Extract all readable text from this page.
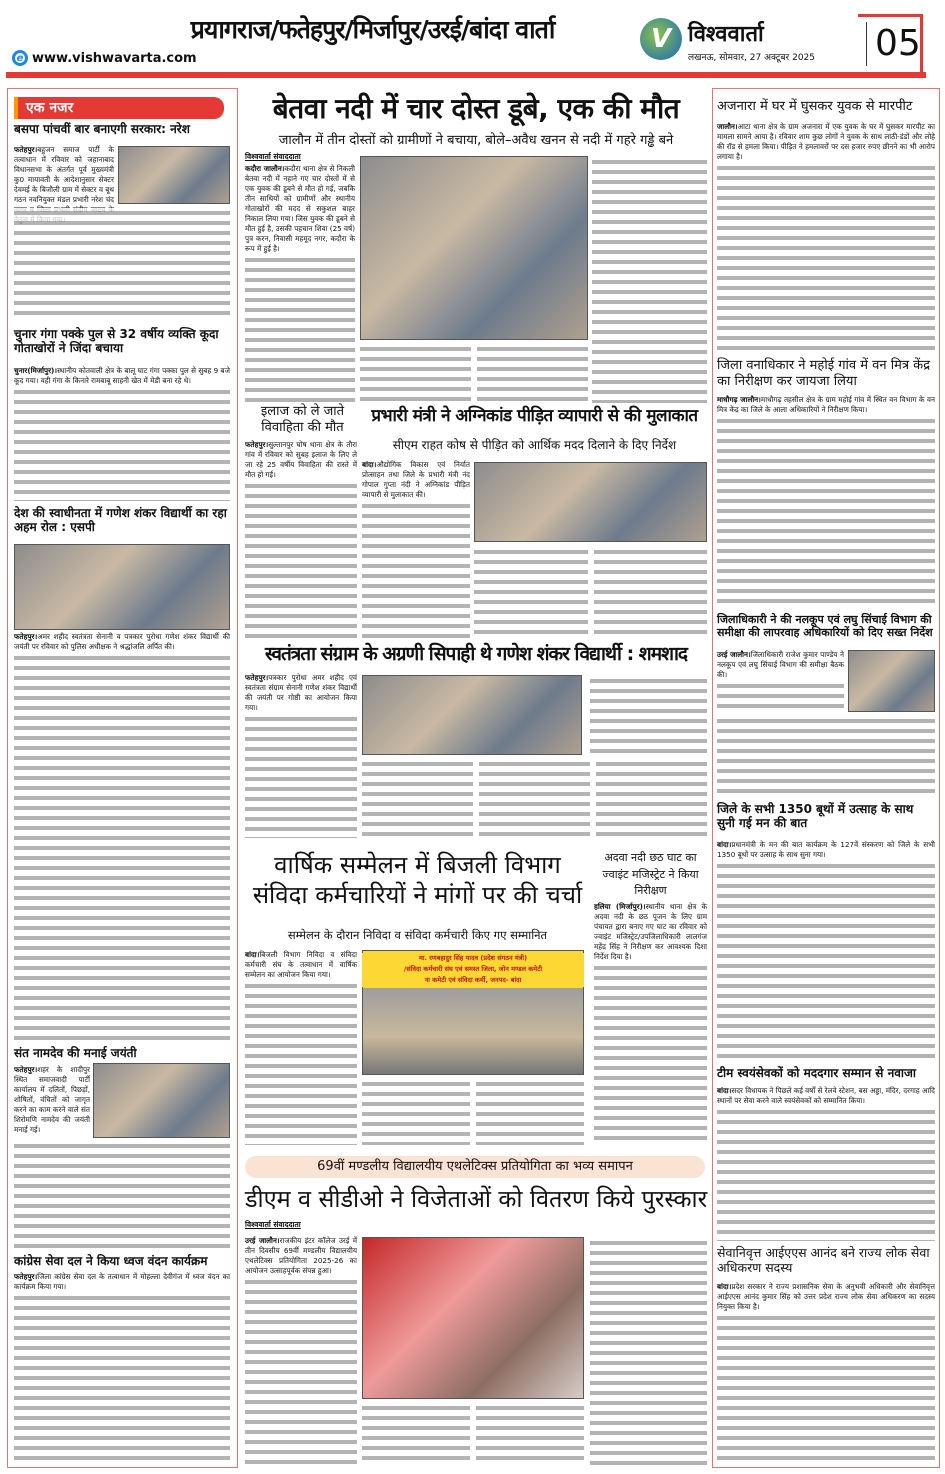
प्रयागराज/फतेहपुर/मिर्जापुर/उरई/बांदा वार्ता
e www.vishwavarta.com
V विश्ववार्ता
लखनऊ, सोमवार, 27 अक्टूबर 2025 05
एक नजर
बसपा पांचवीं बार बनाएगी सरकार: नरेश

फतेहपुर।बहुजन समाज पार्टी के तत्वाधान में रविवार को जहानाबाद विधानसभा के अंतर्गत पूर्व मुख्यमंत्री कु0 मायावती के आदेशानुसार सेक्टर देवमई के बिजौली ग्राम में सेक्टर व बूथ गठन नवनियुक्त मंडल प्रभारी नरेश चंद

चुनार गंगा पक्के पुल से 32 वर्षीय व्यक्ति कूदा गोताखोरों ने जिंदा बचाया

चुनार(मिर्जापुर)।स्थानीय कोतवाली क्षेत्र के बालू घाट गंगा पक्का पुल से सुबह 9 बजे कूद गया। वही गंगा के किनारे रामबाबू साहनी खेत में मेडी बना रहे थे।

देश की स्वाधीनता में गणेश शंकर विद्यार्थी का रहा अहम रोल : एसपी

फतेहपुर।अमर शहीद स्वतंत्रता सेनानी व पत्रकार पुरोधा गणेश शंकर विद्यार्थी की जयंती पर रविवार को पुलिस अधीक्षक ने श्रद्धांजलि अर्पित की।

संत नामदेव की मनाई जयंती

फतेहपुर।शहर के शादीपुर स्थित समाजवादी पार्टी कार्यालय में दलितों, पिछड़ों, शोषितों, वंचितों को जागृत करने का काम करने वाले संत शिरोमणि नामदेव की जयंती मनाई गई।

कांग्रेस सेवा दल ने किया ध्वज वंदन कार्यक्रम

फतेहपुर।जिला कांग्रेस सेवा दल के तत्वाधान में मोहल्ला देवीगंज में ध्वज वंदन का कार्यक्रम किया गया।

बेतवा नदी में चार दोस्त डूबे, एक की मौत
जालौन में तीन दोस्तों को ग्रामीणों ने बचाया, बोले–अवैध खनन से नदी में गहरे गड्ढे बने
विश्ववार्ता संवाददाता

कदौरा जालौन।कदौरा थाना क्षेत्र से निकली बेतवा नदी में नहाने गए चार दोस्तों में से एक युवक की डूबने से मौत हो गई, जबकि तीन साथियों को ग्रामीणों और स्थानीय गोताखोरों की मदद से सकुशल बाहर निकाल लिया गया। जिस युवक की डूबने से मौत हुई है, उसकी पहचान शिवा (25 वर्ष) पुत्र करन, निवासी महमूद नगर, कदौरा के रूप में हुई है।

इलाज को ले जाते विवाहिता की मौत

फतेहपुर।सुल्तानपुर घोष थाना क्षेत्र के तौरा गांव में रविवार को सुबह इलाज के लिए ले जा रहे 25 वर्षीय विवाहिता की रास्ते में मौत हो गई।

प्रभारी मंत्री ने अग्निकांड पीड़ित व्यापारी से की मुलाकात
सीएम राहत कोष से पीड़ित को आर्थिक मदद दिलाने के दिए निर्देश

बांदा।औद्योगिक विकास एवं निर्यात प्रोत्साहन तथा जिले के प्रभारी मंत्री नंद गोपाल गुप्ता नंदी ने अग्निकांड पीड़ित व्यापारी से मुलाकात की।

स्वतंत्रता संग्राम के अग्रणी सिपाही थे गणेश शंकर विद्यार्थी : शमशाद

फतेहपुर।पत्रकार पुरोधा अमर शहीद एवं स्वतंत्रता संग्राम सेनानी गणेश शंकर विद्यार्थी की जयंती पर गोष्ठी का आयोजन किया गया।

वार्षिक सम्मेलन में बिजली विभाग
संविदा कर्मचारियों ने मांगों पर की चर्चा
सम्मेलन के दौरान निविदा व संविदा कर्मचारी किए गए सम्मानित

बांदा।बिजली विभाग निविदा व संविदा कर्मचारी संघ के तत्वाधान में वार्षिक सम्मेलन का आयोजन किया गया।

मा. रणबहादुर सिंह यादव (प्रदेश संगठन मंत्री)
/संविदा कर्मचारी संघ एवं समस्त जिला, जोन मण्डल कमेटी
ना कमेटी एवं संविदा कर्मी, जनपद- बांदा
अदवा नदी छठ घाट का ज्वाइंट मजिस्ट्रेट ने किया निरीक्षण

हलिया (मिर्जापुर)।स्थानीय थाना क्षेत्र के अदवा नदी के छठ पूजन के लिए ग्राम पंचायत द्वारा बनाए गए घाट का रविवार को ज्वाइंट मजिस्ट्रेट/उपजिलाधिकारी लालगंज महेंद्र सिंह ने निरीक्षण कर आवश्यक दिशा निर्देश दिया है।

69वीं मण्डलीय विद्यालयीय एथलेटिक्स प्रतियोगिता का भव्य समापन
डीएम व सीडीओ ने विजेताओं को वितरण किये पुरस्कार
विश्ववार्ता संवाददाता

उरई जालौन।राजकीय इंटर कॉलेज उरई में तीन दिवसीय 69वीं मण्डलीय विद्यालयीय एथलेटिक्स प्रतियोगिता 2025-26 का आयोजन उत्साहपूर्वक संपन्न हुआ।

अजनारा में घर में घुसकर युवक से मारपीट

जालौन।आटा थाना क्षेत्र के ग्राम अजनारा में एक युवक के घर में घुसकर मारपीट का मामला सामने आया है। रविवार शाम कुछ लोगों ने युवक के साथ लाठी-डंडों और लोहे की रॉड से हमला किया। पीड़ित ने हमलावरों पर दस हजार रुपए छीनने का भी आरोप लगाया है।

जिला वनाधिकार ने महोई गांव में वन मित्र केंद्र का निरीक्षण कर जायजा लिया

माधौगढ़ जालौन।माधौगढ़ तहसील क्षेत्र के ग्राम महोई गांव में स्थित वन विभाग के वन मित्र केंद्र का जिले के आला अधिकारियों ने निरीक्षण किया।

जिलाधिकारी ने की नलकूप एवं लघु सिंचाई विभाग की समीक्षा की लापरवाह अधिकारियों को दिए सख्त निर्देश

उरई जालौन।जिलाधिकारी राजेश कुमार पाण्डेय ने नलकूप एवं लघु सिंचाई विभाग की समीक्षा बैठक की।

जिले के सभी 1350 बूथों में उत्साह के साथ सुनी गई मन की बात

बांदा।प्रधानमंत्री के मन की बात कार्यक्रम के 127वें संस्करण को जिले के सभी 1350 बूथों पर उत्साह के साथ सुना गया।

टीम स्वयंसेवकों को मददगार सम्मान से नवाजा

बांदा।सदर विधायक ने पिछले कई वर्षों से रेलवे स्टेशन, बस अड्डा, मंदिर, दरगाह आदि स्थानों पर सेवा करने वाले स्वयंसेवकों को सम्मानित किया।

सेवानिवृत्त आईएएस आनंद बने राज्य लोक सेवा अधिकरण सदस्य

बांदा।प्रदेश सरकार ने राज्य प्रशासनिक सेवा के अनुभवी अधिकारी और सेवानिवृत्त आईएएस आनंद कुमार सिंह को उत्तर प्रदेश राज्य लोक सेवा अधिकरण का सदस्य नियुक्त किया है।
